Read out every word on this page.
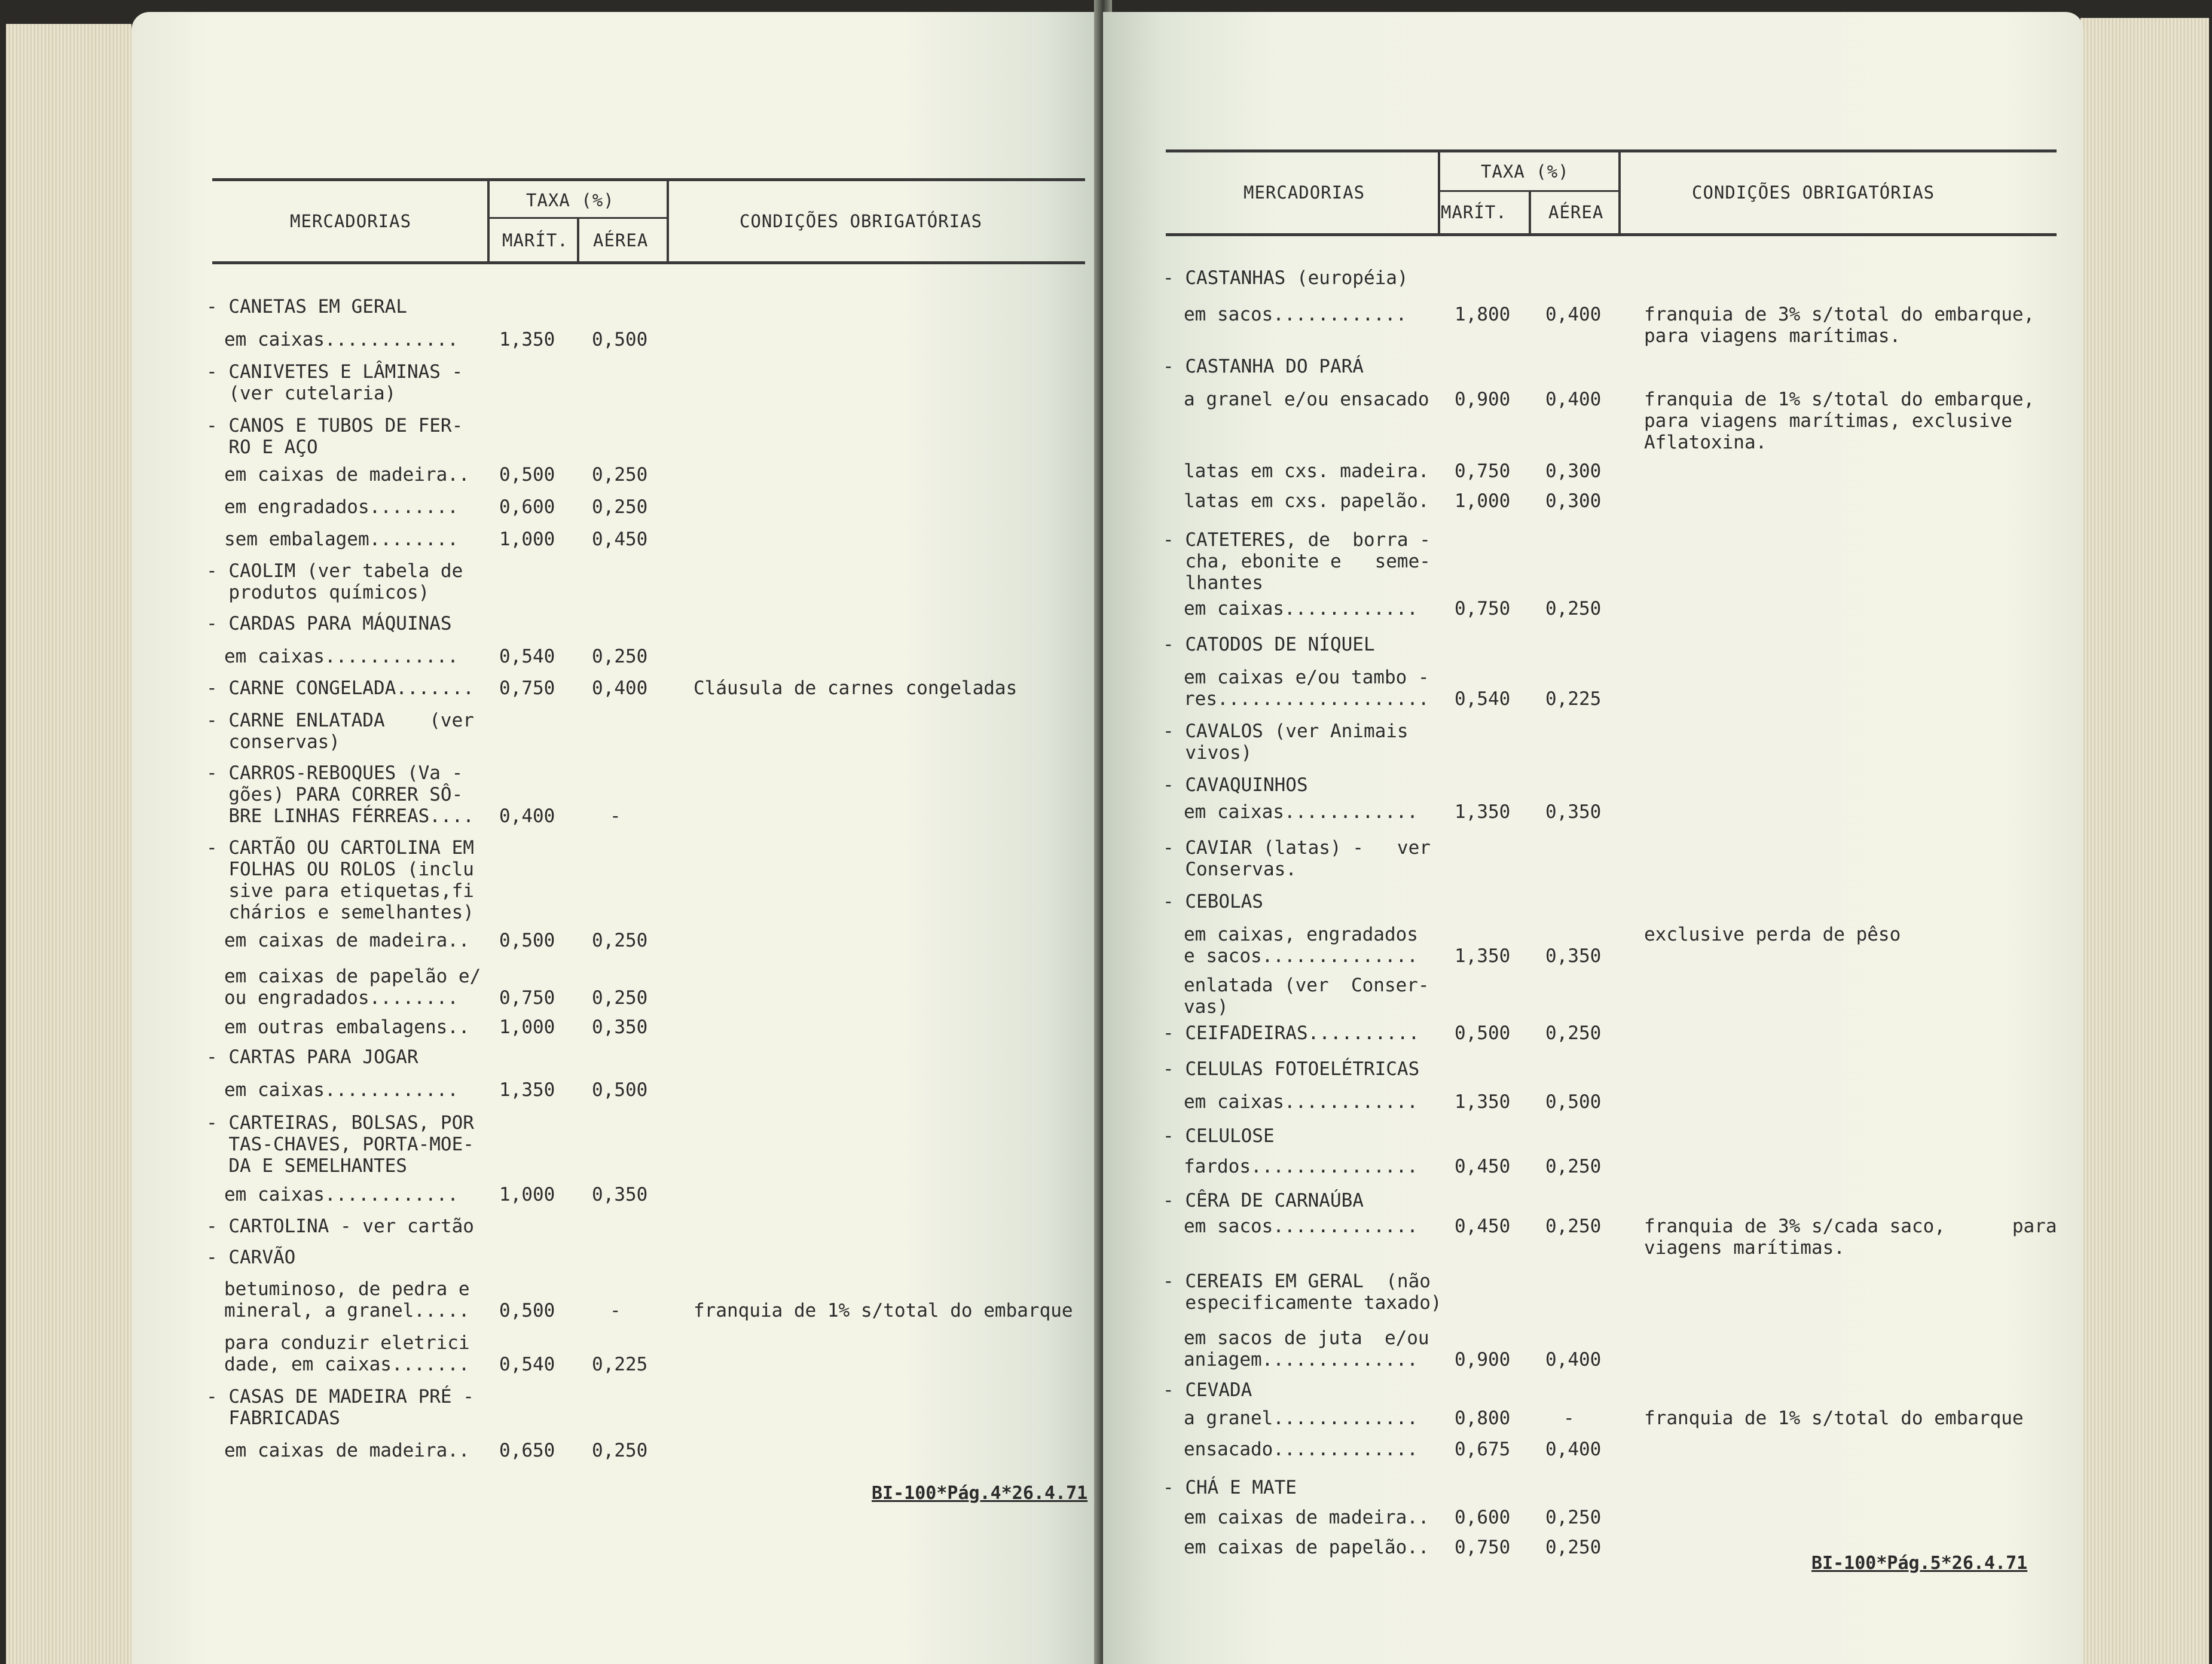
MERCADORIAS
TAXA (%)
MARÍT. AÉREA
CONDIÇÕES OBRIGATÓRIAS
- CANETAS EM GERAL
em caixas............ 1,350 0,500
- CANIVETES E LÂMINAS -
(ver cutelaria)
- CANOS E TUBOS DE FER-
RO E AÇO
em caixas de madeira.. 0,500 0,250
em engradados........ 0,600 0,250
sem embalagem........ 1,000 0,450
- CAOLIM (ver tabela de
produtos químicos)
- CARDAS PARA MÁQUINAS
em caixas............ 0,540 0,250
- CARNE CONGELADA....... 0,750 0,400 Cláusula de carnes congeladas
- CARNE ENLATADA    (ver
conservas)
- CARROS-REBOQUES (Va -
gões) PARA CORRER SÔ-
BRE LINHAS FÉRREAS.... 0,400	-
- CARTÃO OU CARTOLINA EM
FOLHAS OU ROLOS (inclu
sive para etiquetas,fi
chários e semelhantes)
em caixas de madeira.. 0,500 0,250
em caixas de papelão e/
ou engradados........	0,750 0,250
em outras embalagens.. 1,000 0,350
- CARTAS PARA JOGAR
em caixas............ 1,350 0,500
- CARTEIRAS, BOLSAS, POR
TAS-CHAVES, PORTA-MOE-
DA E SEMELHANTES
em caixas............ 1,000 0,350
- CARTOLINA - ver cartão
- CARVÃO
betuminoso, de pedra e
mineral, a granel..... 0,500	-	franquia de 1% s/total do embarque
para conduzir eletrici
dade, em caixas....... 0,540 0,225
- CASAS DE MADEIRA PRÉ -
FABRICADAS
em caixas de madeira.. 0,650 0,250
BI-100*Pág.4*26.4.71
MERCADORIAS
TAXA (%)
MARÍT. AÉREA
CONDIÇÕES OBRIGATÓRIAS
- CASTANHAS (européia)
em sacos............	1,800 0,400 franquia de 3% s/total do embarque,
para viagens marítimas.
- CASTANHA DO PARÁ
a granel e/ou ensacado 0,900 0,400 franquia de 1% s/total do embarque,
para viagens marítimas, exclusive
Aflatoxina.
latas em cxs. madeira. 0,750 0,300
latas em cxs. papelão. 1,000 0,300
- CATETERES, de  borra -
cha, ebonite e   seme-
lhantes
em caixas............ 0,750 0,250
- CATODOS DE NÍQUEL
em caixas e/ou tambo -
res................... 0,540 0,225
- CAVALOS (ver Animais
vivos)
- CAVAQUINHOS
em caixas............ 1,350 0,350
- CAVIAR (latas) -   ver
Conservas.
- CEBOLAS
em caixas, engradados
e sacos.............. 1,350 0,350
exclusive perda de pêso
enlatada (ver  Conser-
vas)
- CEIFADEIRAS.......... 0,500 0,250
- CELULAS FOTOELÉTRICAS
em caixas............ 1,350 0,500
- CELULOSE
fardos............... 0,450 0,250
- CÊRA DE CARNAÚBA
em sacos............. 0,450 0,250 franquia de 3% s/cada saco,      para
viagens marítimas.
- CEREAIS EM GERAL  (não
especificamente taxado)
em sacos de juta  e/ou
aniagem..............	0,900 0,400
- CEVADA
a granel............. 0,800	-	franquia de 1% s/total do embarque
ensacado............. 0,675 0,400
- CHÁ E MATE
em caixas de madeira.. 0,600 0,250
em caixas de papelão.. 0,750 0,250
BI-100*Pág.5*26.4.71
